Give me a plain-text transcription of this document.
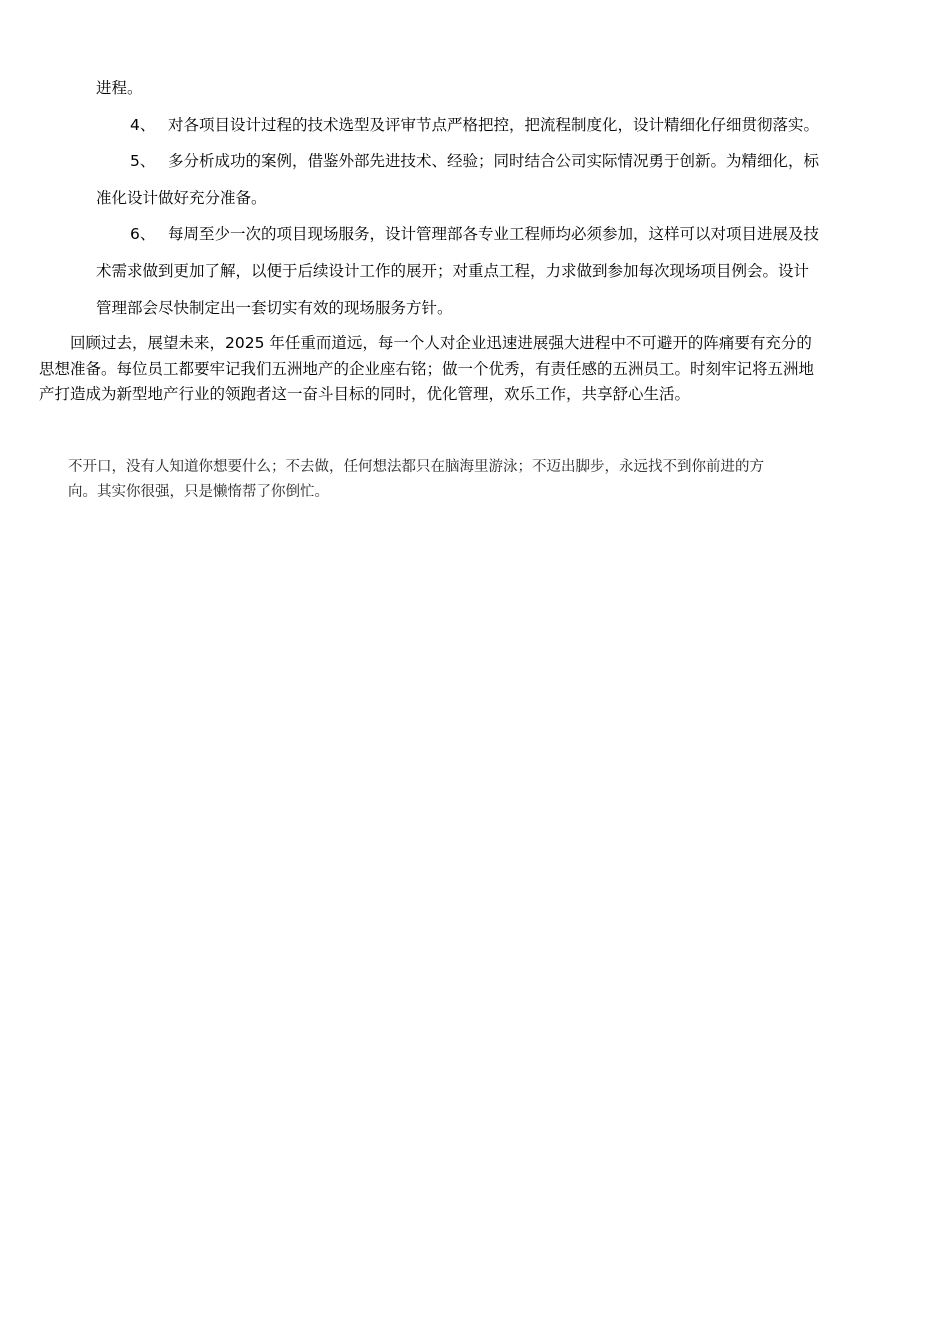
进程。
4、 对各项目设计过程的技术选型及评审节点严格把控，把流程制度化，设计精细化仔细贯彻落实。
5、 多分析成功的案例，借鉴外部先进技术、经验；同时结合公司实际情况勇于创新。为精细化，标
准化设计做好充分准备。
6、 每周至少一次的项目现场服务，设计管理部各专业工程师均必须参加，这样可以对项目进展及技
术需求做到更加了解，以便于后续设计工作的展开；对重点工程，力求做到参加每次现场项目例会。设计
管理部会尽快制定出一套切实有效的现场服务方针。
回顾过去，展望未来，2025 年任重而道远，每一个人对企业迅速进展强大进程中不可避开的阵痛要有充分的
思想准备。每位员工都要牢记我们五洲地产的企业座右铭；做一个优秀，有责任感的五洲员工。时刻牢记将五洲地
产打造成为新型地产行业的领跑者这一奋斗目标的同时，优化管理，欢乐工作，共享舒心生活。
不开口，没有人知道你想要什么；不去做，任何想法都只在脑海里游泳；不迈出脚步，永远找不到你前进的方
向。其实你很强，只是懒惰帮了你倒忙。
